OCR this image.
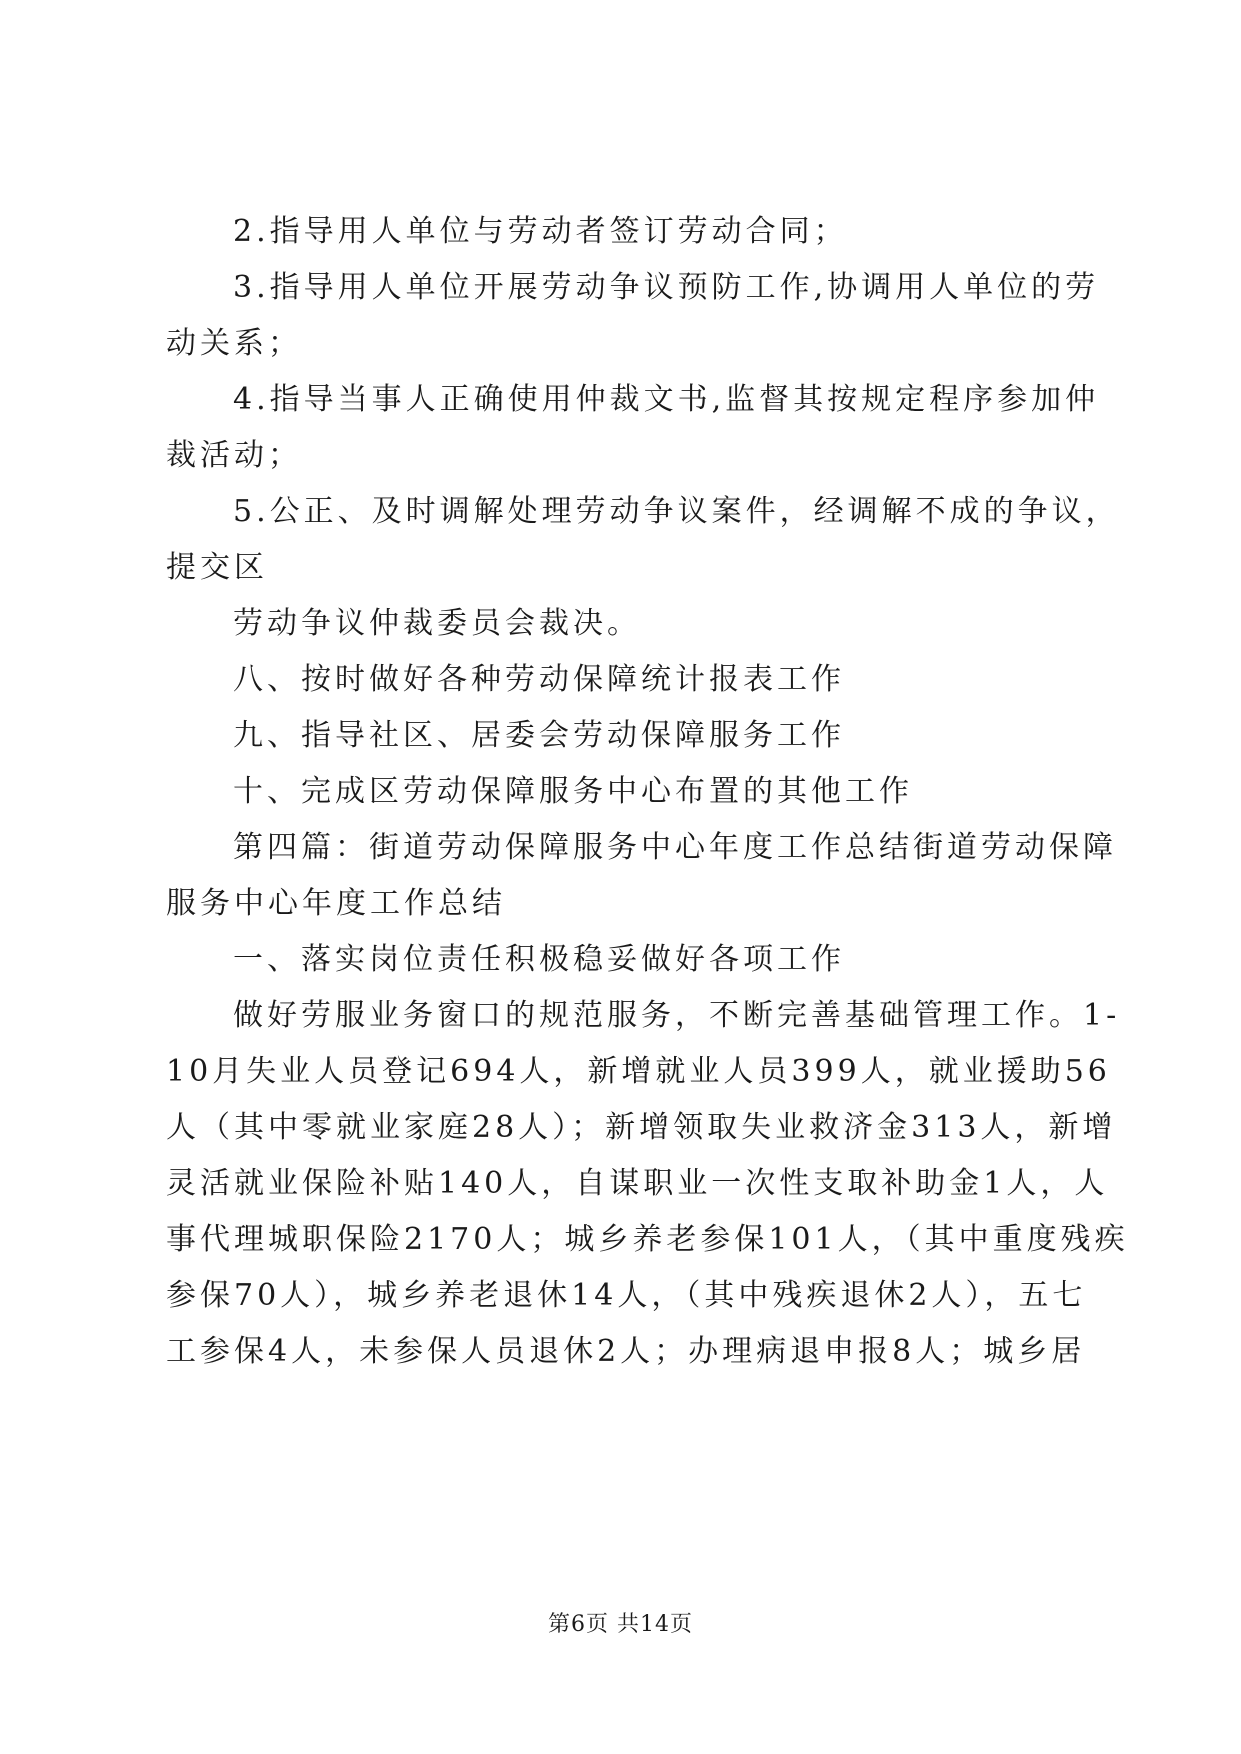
2.指导用人单位与劳动者签订劳动合同；
3.指导用人单位开展劳动争议预防工作,协调用人单位的劳
动关系；
4.指导当事人正确使用仲裁文书,监督其按规定程序参加仲
裁活动；
5.公正、及时调解处理劳动争议案件，经调解不成的争议，
提交区
劳动争议仲裁委员会裁决。
八、按时做好各种劳动保障统计报表工作
九、指导社区、居委会劳动保障服务工作
十、完成区劳动保障服务中心布置的其他工作
第四篇：街道劳动保障服务中心年度工作总结街道劳动保障
服务中心年度工作总结
一、落实岗位责任积极稳妥做好各项工作
做好劳服业务窗口的规范服务，不断完善基础管理工作。1-
10月失业人员登记694人，新增就业人员399人，就业援助56
人（其中零就业家庭28人）；新增领取失业救济金313人，新增
灵活就业保险补贴140人，自谋职业一次性支取补助金1人，人
事代理城职保险2170人；城乡养老参保101人，（其中重度残疾
参保70人），城乡养老退休14人，（其中残疾退休2人），五七
工参保4人，未参保人员退休2人；办理病退申报8人；城乡居
第6页 共14页
